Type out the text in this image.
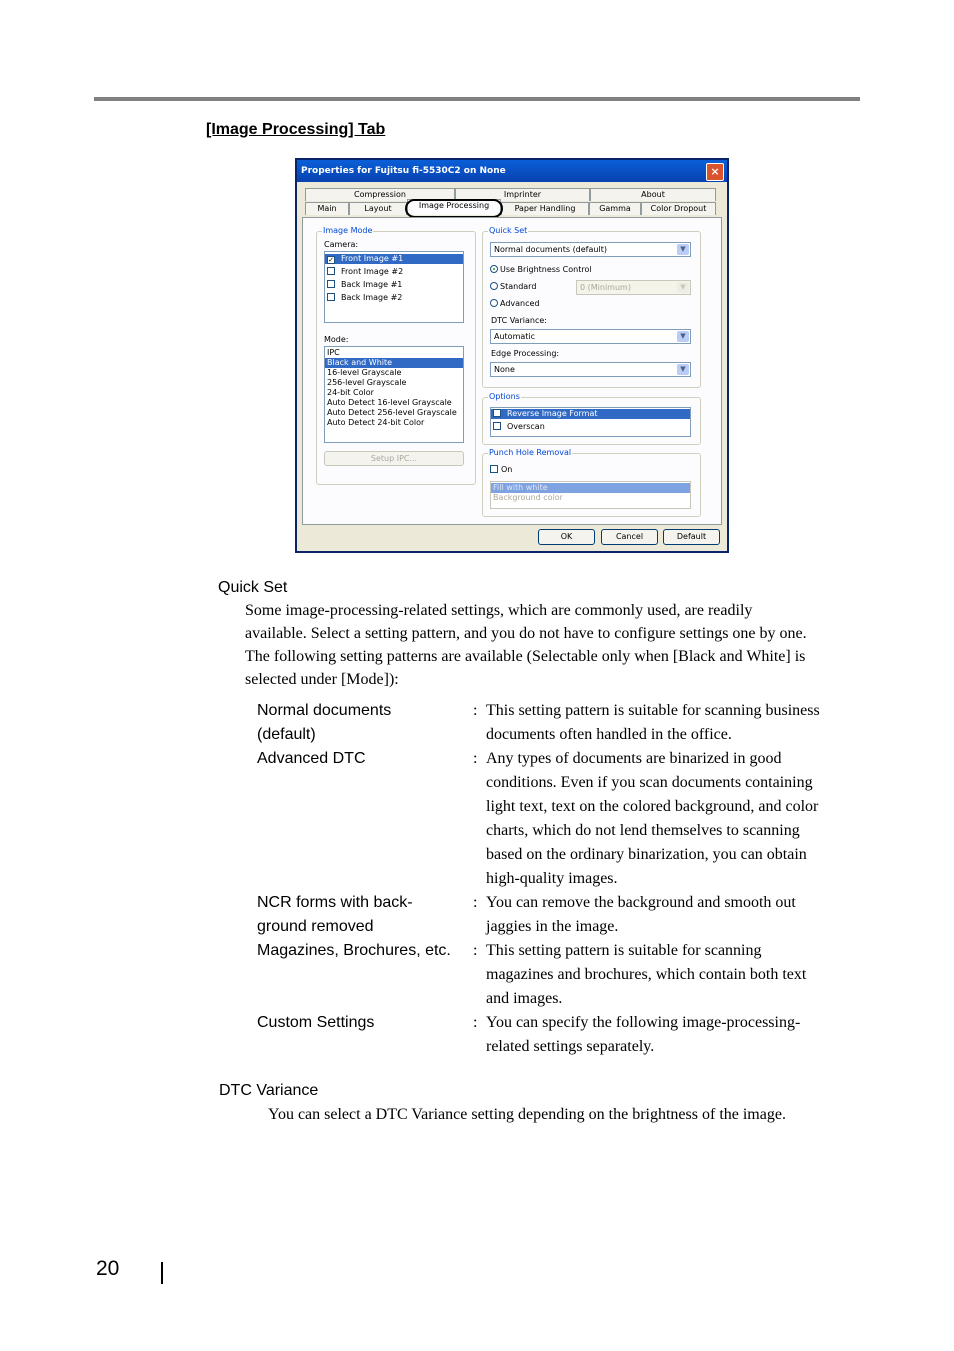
[Image Processing] Tab
Properties for Fujitsu fi-5530C2 on None	×
Compression	Imprinter	About
Main	Layout	Image Processing	Paper Handling	Gamma	Color Dropout
Image Mode
Camera:
✓ Front Image #1
Front Image #2
Back Image #1
Back Image #2
Mode:
IPC
Black and White
16-level Grayscale
256-level Grayscale
24-bit Color
Auto Detect 16-level Grayscale
Auto Detect 256-level Grayscale
Auto Detect 24-bit Color
Setup IPC...
Quick Set
Normal documents (default)	▼
Use Brightness Control
Standard	0 (Minimum)	▼
Advanced
DTC Variance:
Automatic	▼
Edge Processing:
None	▼
Options
Reverse Image Format
Overscan
Punch Hole Removal
On
Fill with white
Background color
OK	Cancel	Default
Quick Set
Some image-processing-related settings, which are commonly used, are readily
available. Select a setting pattern, and you do not have to configure settings one by one.
The following setting patterns are available (Selectable only when [Black and White] is
selected under [Mode]):
Normal documents
(default)
: This setting pattern is suitable for scanning business
documents often handled in the office.
Advanced DTC	: Any types of documents are binarized in good
conditions. Even if you scan documents containing
light text, text on the colored background, and color
charts, which do not lend themselves to scanning
based on the ordinary binarization, you can obtain
high-quality images.
NCR forms with back-
ground removed
: You can remove the background and smooth out
jaggies in the image.
Magazines, Brochures, etc.	: This setting pattern is suitable for scanning
magazines and brochures, which contain both text
and images.
Custom Settings	: You can specify the following image-processing-
related settings separately.
DTC Variance
You can select a DTC Variance setting depending on the brightness of the image.
20
